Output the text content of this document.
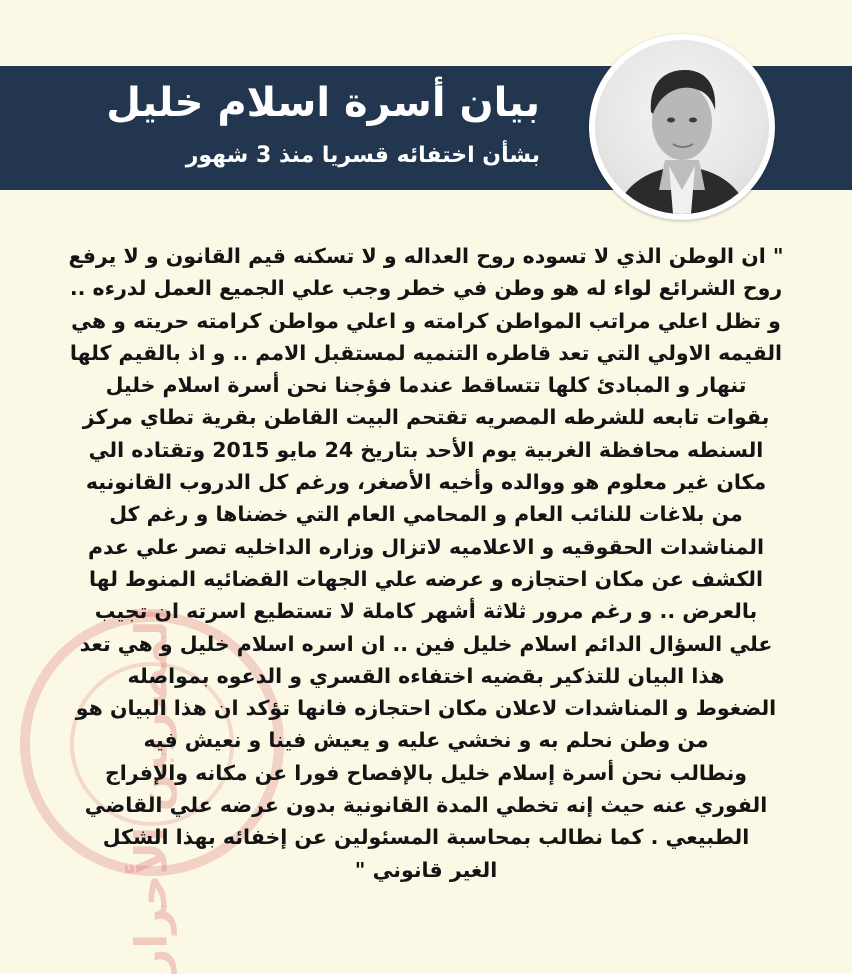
بيان أسرة اسلام خليل
بشأن اختفائه قسريا منذ 3 شهور
المصريين الأحرار

" ان الوطن الذي لا تسوده روح العداله و لا تسكنه قيم القانون و لا يرفع
روح الشرائع لواء له هو وطن في خطر وجب علي الجميع العمل لدرءه ..
و تظل اعلي مراتب المواطن كرامته و اعلي مواطن كرامته حريته و هي
القيمه الاولي التي تعد قاطره التنميه لمستقبل الامم .. و اذ بالقيم كلها
تنهار و المبادئ كلها تتساقط عندما فؤجنا نحن أسرة اسلام خليل
بقوات تابعه للشرطه المصريه تقتحم البيت القاطن بقرية تطاي مركز
السنطه محافظة الغربية يوم الأحد بتاريخ 24 مايو 2015 وتقتاده الي
مكان غير معلوم هو ووالده وأخيه الأصغر، ورغم كل الدروب القانونيه
من بلاغات للنائب العام و المحامي العام التي خضناها و رغم كل
المناشدات الحقوقيه و الاعلاميه لاتزال وزاره الداخليه تصر علي عدم
الكشف عن مكان احتجازه و عرضه علي الجهات القضائيه المنوط لها
بالعرض .. و رغم مرور ثلاثة أشهر كاملة لا تستطيع اسرته ان تجيب
علي السؤال الدائم اسلام خليل فين .. ان اسره اسلام خليل و هي تعد
هذا البيان للتذكير بقضيه اختفاءه القسري و الدعوه بمواصله
الضغوط و المناشدات لاعلان مكان احتجازه فانها تؤكد ان هذا البيان هو
من وطن نحلم به و نخشي عليه و يعيش فينا و نعيش فيه
ونطالب نحن أسرة إسلام خليل بالإفصاح فورا عن مكانه والإفراج
الفوري عنه حيث إنه تخطي المدة القانونية بدون عرضه علي القاضي
الطبيعي . كما نطالب بمحاسبة المسئولين عن إخفائه بهذا الشكل
الغير قانوني "
